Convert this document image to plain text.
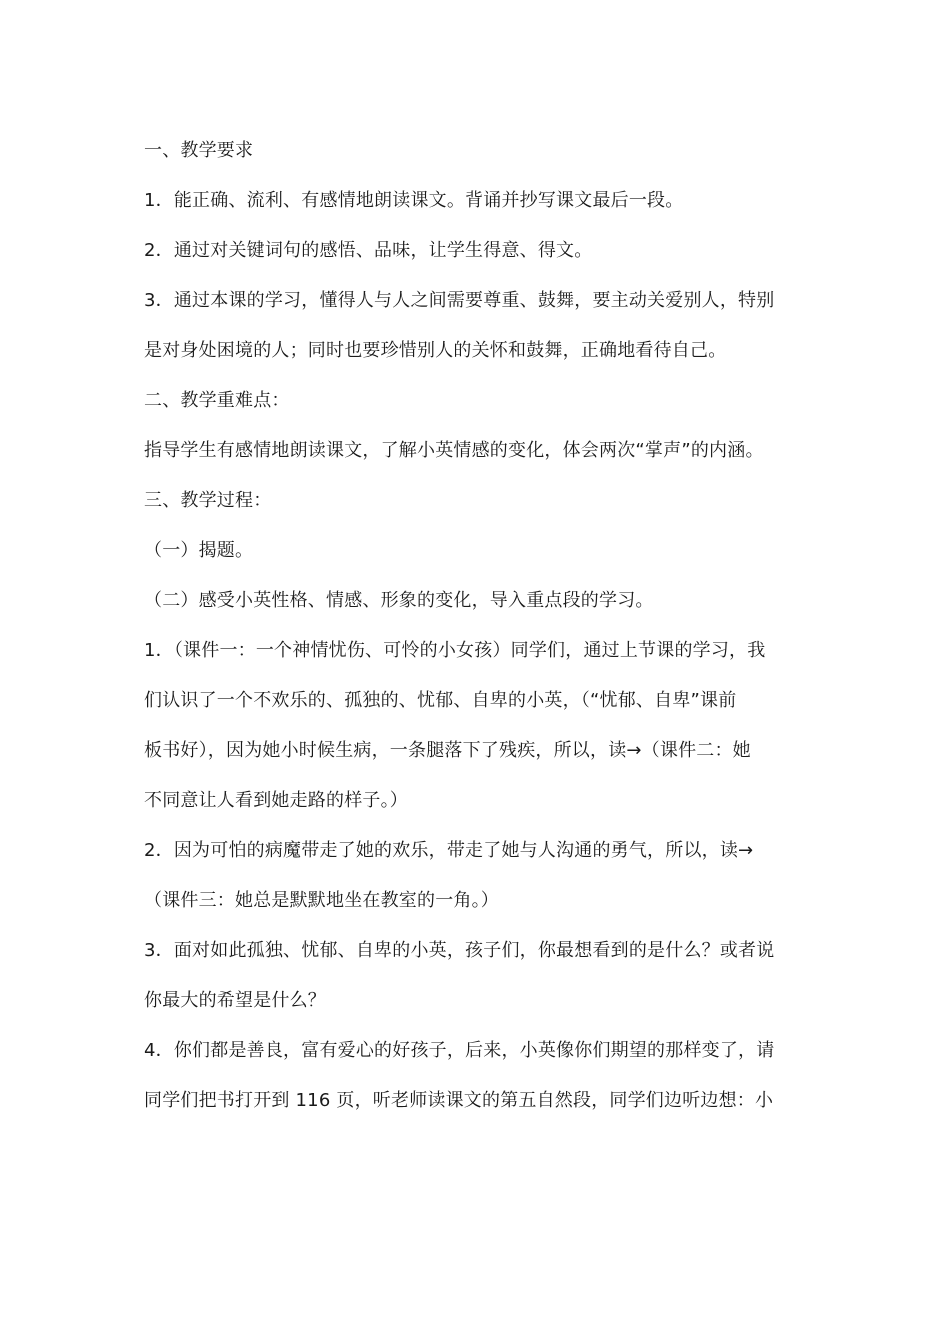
一、教学要求
1．能正确、流利、有感情地朗读课文。背诵并抄写课文最后一段。
2．通过对关键词句的感悟、品味，让学生得意、得文。
3．通过本课的学习，懂得人与人之间需要尊重、鼓舞，要主动关爱别人，特别
是对身处困境的人；同时也要珍惜别人的关怀和鼓舞，正确地看待自己。
二、教学重难点：
指导学生有感情地朗读课文，了解小英情感的变化，体会两次“掌声”的内涵。
三、教学过程：
（一）揭题。
（二）感受小英性格、情感、形象的变化，导入重点段的学习。
1．（课件一：一个神情忧伤、可怜的小女孩）同学们，通过上节课的学习，我
们认识了一个不欢乐的、孤独的、忧郁、自卑的小英，（“忧郁、自卑”课前
板书好），因为她小时候生病，一条腿落下了残疾，所以，读→（课件二：她
不同意让人看到她走路的样子。）
2．因为可怕的病魔带走了她的欢乐，带走了她与人沟通的勇气，所以，读→
（课件三：她总是默默地坐在教室的一角。）
3．面对如此孤独、忧郁、自卑的小英，孩子们，你最想看到的是什么？或者说
你最大的希望是什么？
4．你们都是善良，富有爱心的好孩子，后来，小英像你们期望的那样变了，请
同学们把书打开到 116 页，听老师读课文的第五自然段，同学们边听边想：小
